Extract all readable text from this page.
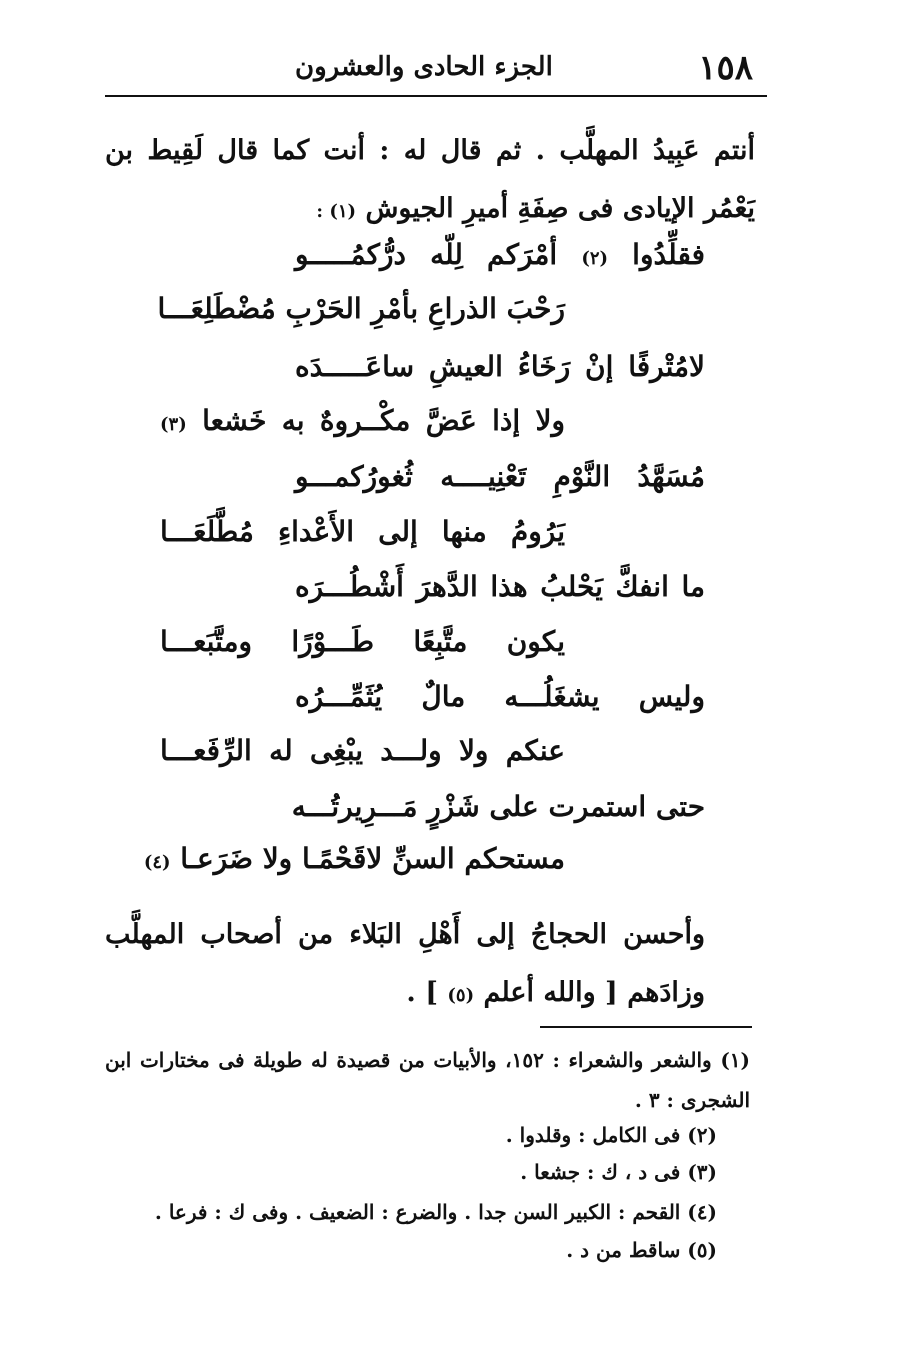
١٥٨
الجزء الحادى والعشرون
أنتم عَبِيدُ المهلَّب . ثم قال له : أنت كما قال لَقِيط بن يَعْمُر الإيادى فى صِفَةِ أميرِ الجيوش (١) :
فقلِّدُوا (٢) أمْرَكم لِلّه درُّكمُـــــو
رَحْبَ الذراعِ بأمْرِ الحَرْبِ مُضْطَلِعَـــا
لامُتْرفًا إنْ رَخَاءُ العيشِ ساعَـــــدَه
ولا إذا عَضَّ مكْــروهٌ به خَشعا (٣)
مُسَهَّدُ النَّوْمِ تَعْنِيــــه ثُغورُكمـــو
يَرُومُ منها إلى الأَعْداءِ مُطَّلَعَـــا
ما انفكَّ يَحْلبُ هذا الدَّهرَ أَشْطُـــرَه
يكون متَّبِعًا طَـــوْرًا ومتَّبَعـــا
وليس يشغَلُـــه مالٌ يُثَمِّـــرُه
عنكم ولا ولـــد يبْغِى له الرِّفَعـــا
حتى استمرت على شَزْرٍ مَـــرِيرتُـــه
مستحكم السنِّ لاقَحْمًـا ولا ضَرَعـا (٤)
وأحسن الحجاجُ إلى أَهْلِ البَلاء من أصحاب المهلَّب وزادَهم [ والله أعلم (٥) ] .
(١) والشعر والشعراء : ١٥٢، والأبيات من قصيدة له طويلة فى مختارات ابن الشجرى : ٣ .
(٢) فى الكامل : وقلدوا .
(٣) فى د ، ك : جشعا .
(٤) القحم : الكبير السن جدا . والضرع : الضعيف . وفى ك : فرعا .
(٥) ساقط من د .
